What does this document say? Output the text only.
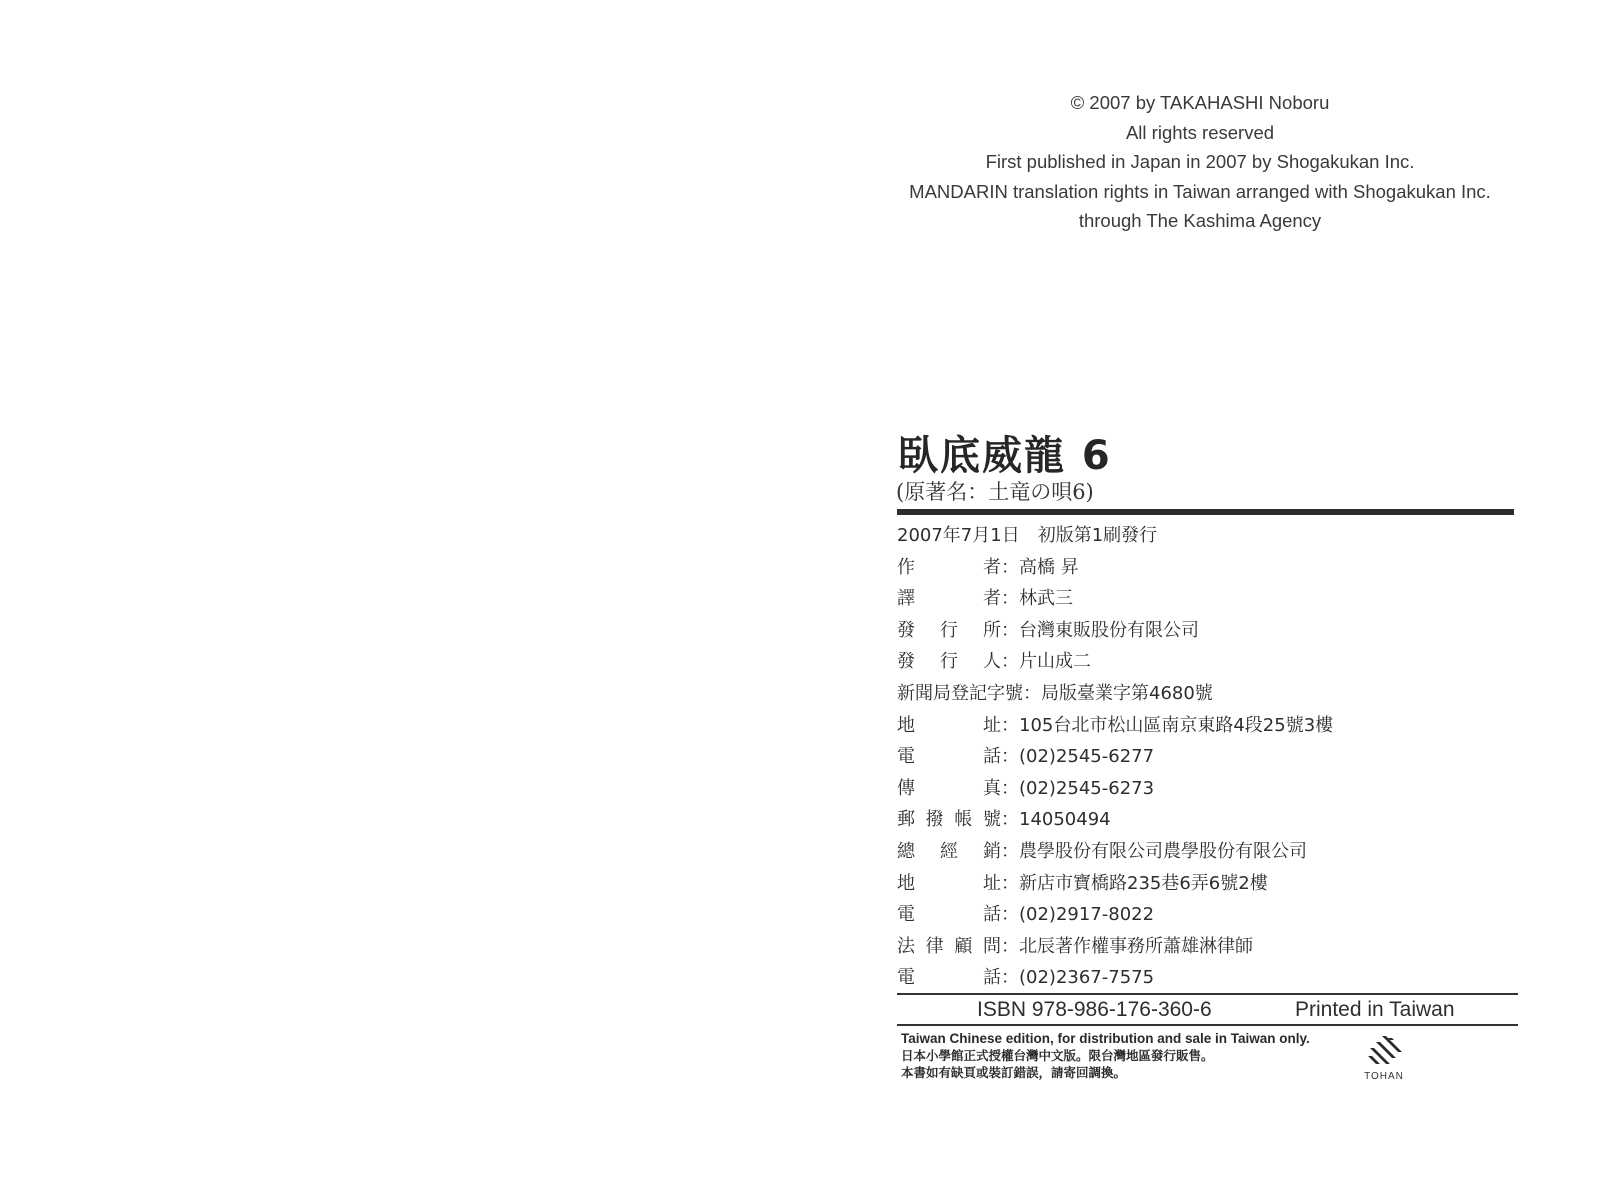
© 2007 by TAKAHASHI Noboru
All rights reserved
First published in Japan in 2007 by Shogakukan Inc.
MANDARIN translation rights in Taiwan arranged with Shogakukan Inc.
through The Kashima Agency
臥底威龍 6
(原著名：土竜の唄6)
2007年7月1日　初版第1刷發行
作者 ： 高橋 昇
譯者 ： 林武三
發行所 ： 台灣東販股份有限公司
發行人 ： 片山成二
新聞局登記字號 ： 局版臺業字第4680號
地址 ： 105台北市松山區南京東路4段25號3樓
電話 ： (02)2545-6277
傳真 ： (02)2545-6273
郵撥帳號 ： 14050494
總經銷 ： 農學股份有限公司農學股份有限公司
地址 ： 新店市寶橋路235巷6弄6號2樓
電話 ： (02)2917-8022
法律顧問 ： 北辰著作權事務所蕭雄淋律師
電話 ： (02)2367-7575
ISBN 978-986-176-360-6	Printed in Taiwan
Taiwan Chinese edition, for distribution and sale in Taiwan only.
日本小學館正式授權台灣中文版。限台灣地區發行販售。
本書如有缺頁或裝訂錯誤，請寄回調換。	TOHAN
